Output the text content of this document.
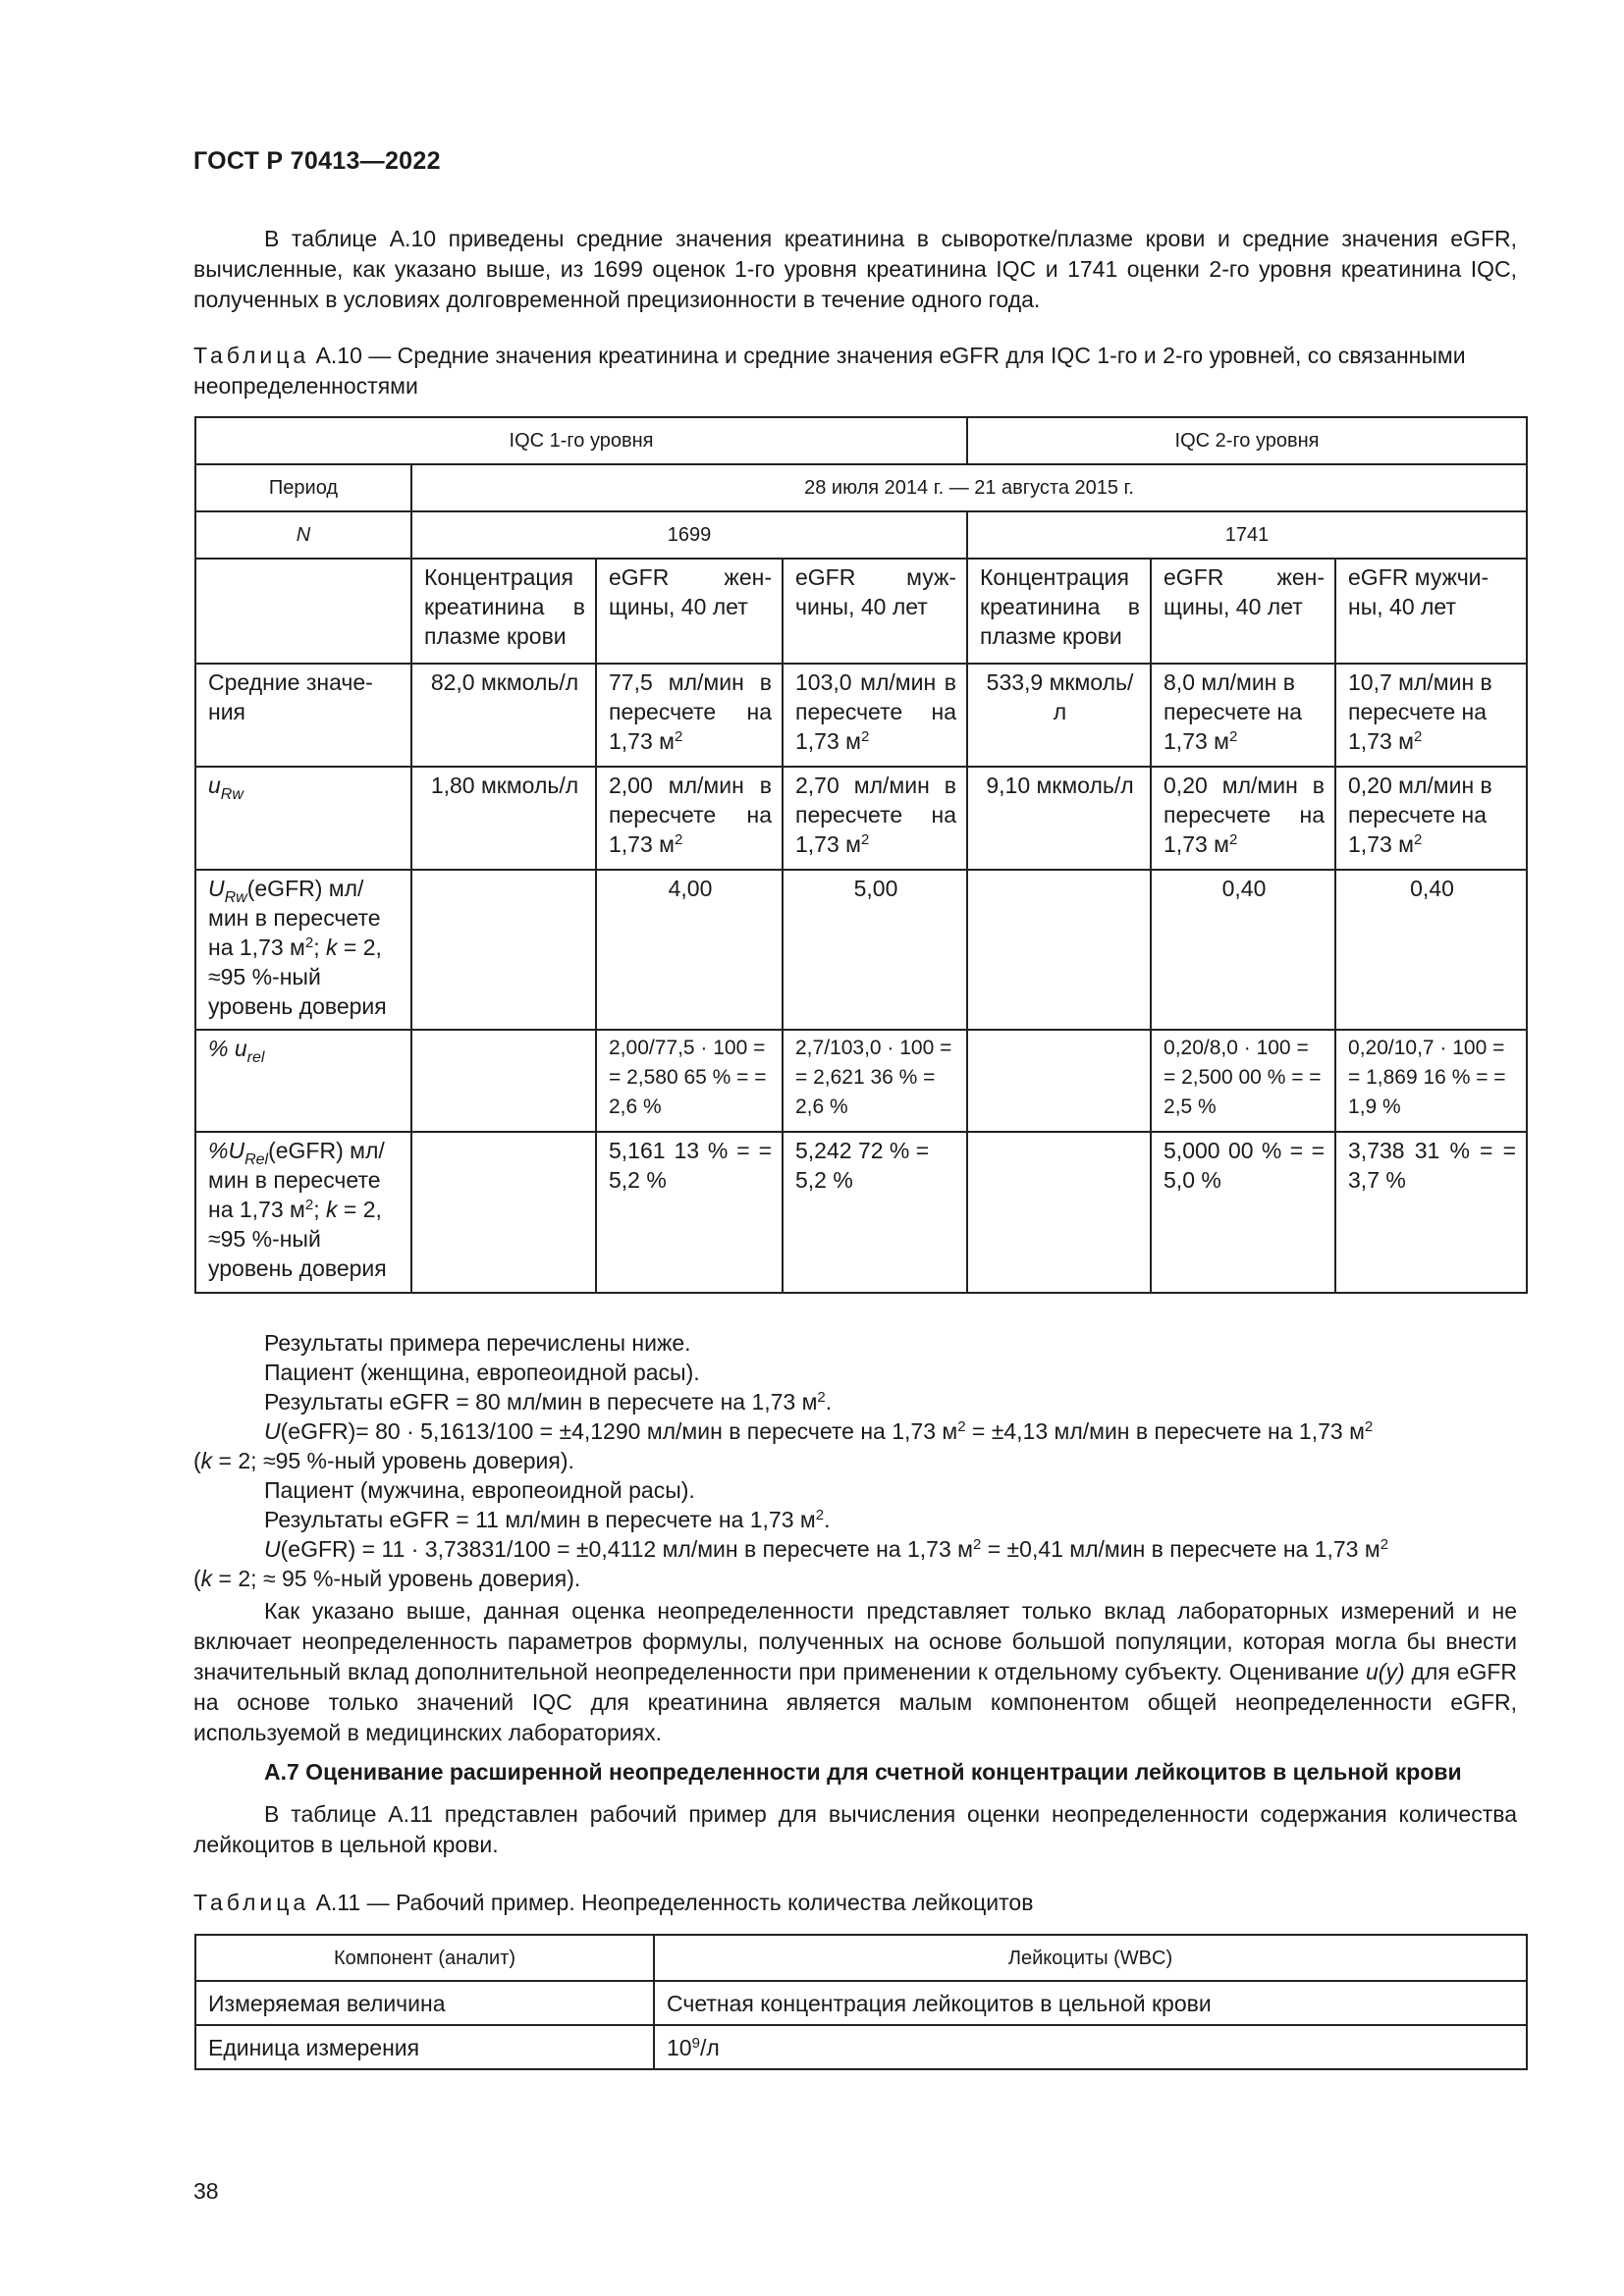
ГОСТ Р 70413—2022

В таблице А.10 приведены средние значения креатинина в сыворотке/плазме крови и средние значения eGFR, вычисленные, как указано выше, из 1699 оценок 1-го уровня креатинина IQC и 1741 оценки 2-го уровня креатинина IQC, полученных в условиях долговременной прецизионности в течение одного года.

Таблица А.10 — Средние значения креатинина и средние значения eGFR для IQC 1-го и 2-го уровней, со связанными неопределенностями
IQC 1-го уровня				IQC 2-го уровня		
Период	28 июля 2014 г. — 21 августа 2015 г.					
N	1699			1741		
	Концентрация креатинина в плазме крови	eGFR женщины, 40 лет	eGFR мужчины, 40 лет	Концентрация креатинина в плазме крови	eGFR женщины, 40 лет	eGFR мужчины, 40 лет
Средние значения	82,0 мкмоль/л	77,5 мл/мин в пересчете на 1,73 $м^2$	103,0 мл/мин в пересчете на 1,73 $м^2$	533,9 мкмоль/л	8,0 мл/мин в пересчете на 1,73 $м^2$	10,7 мл/мин в пересчете на 1,73 $м^2$
$u_{Rw}$	1,80 мкмоль/л	2,00 мл/мин в пересчете на 1,73 $м^2$	2,70 мл/мин в пересчете на 1,73 $м^2$	9,10 мкмоль/л	0,20 мл/мин в пересчете на 1,73 $м^2$	0,20 мл/мин в пересчете на 1,73 $м^2$
$U_{Rw}(eGFR)$ мл/мин в пересчете на 1,73 $м^2$; k = 2, ≈95 %-ный уровень доверия		4,00	5,00		0,40	0,40
% $u_{rel}$		2,00/77,5 · 100 = = 2,580 65 % = = 2,6 %	2,7/103,0 · 100 = = 2,621 36 % = 2,6 %		0,20/8,0 · 100 = = 2,500 00 % = = 2,5 %	0,20/10,7 · 100 = = 1,869 16 % = = 1,9 %
$\%U_{Rel}(eGFR)$ мл/мин в пересчете на 1,73 $м^2$; k = 2, ≈95 %-ный уровень доверия		5,161 13 % = = 5,2 %	5,242 72 % = 5,2 %		5,000 00 % = = 5,0 %	3,738 31 % = = 3,7 %

Результаты примера перечислены ниже.

Пациент (женщина, европеоидной расы).

Результаты eGFR = 80 мл/мин в пересчете на 1,73 $м^2$.

U(eGFR)= 80 · 5,1613/100 = ±4,1290 мл/мин в пересчете на 1,73 $м^2 = \pm 4,13$ мл/мин в пересчете на 1,73 $м^2$

(k = 2; ≈95 %-ный уровень доверия).

Пациент (мужчина, европеоидной расы).

Результаты eGFR = 11 мл/мин в пересчете на 1,73 $м^2$.

U(eGFR) = 11 · 3,73831/100 = ±0,4112 мл/мин в пересчете на 1,73 $м^2 = \pm 0,41$ мл/мин в пересчете на 1,73 $м^2$

(k = 2; ≈ 95 %-ный уровень доверия).

Как указано выше, данная оценка неопределенности представляет только вклад лабораторных измерений и не включает неопределенность параметров формулы, полученных на основе большой популяции, которая могла бы внести значительный вклад дополнительной неопределенности при применении к отдельному субъекту. Оценивание u(y) для eGFR на основе только значений IQC для креатинина является малым компонентом общей неопределенности eGFR, используемой в медицинских лабораториях.

А.7 Оценивание расширенной неопределенности для счетной концентрации лейкоцитов в цельной крови

В таблице А.11 представлен рабочий пример для вычисления оценки неопределенности содержания количества лейкоцитов в цельной крови.

Таблица А.11 — Рабочий пример. Неопределенность количества лейкоцитов
Компонент (аналит)	Лейкоциты (WBC)
Измеряемая величина	Счетная концентрация лейкоцитов в цельной крови
Единица измерения	$10^9/л$
38
